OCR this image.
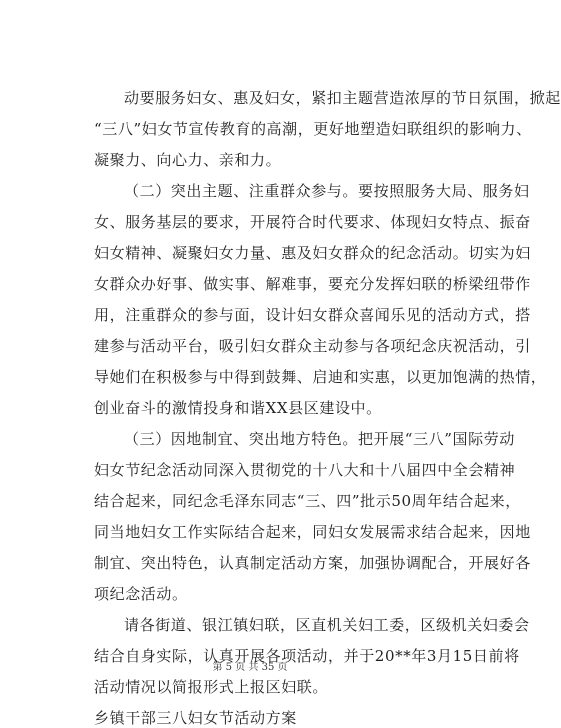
动要服务妇女、惠及妇女，紧扣主题营造浓厚的节日氛围，掀起
“三八”妇女节宣传教育的高潮，更好地塑造妇联组织的影响力、
凝聚力、向心力、亲和力。
（二）突出主题、注重群众参与。要按照服务大局、服务妇
女、服务基层的要求，开展符合时代要求、体现妇女特点、振奋
妇女精神、凝聚妇女力量、惠及妇女群众的纪念活动。切实为妇
女群众办好事、做实事、解难事，要充分发挥妇联的桥梁纽带作
用，注重群众的参与面，设计妇女群众喜闻乐见的活动方式，搭
建参与活动平台，吸引妇女群众主动参与各项纪念庆祝活动，引
导她们在积极参与中得到鼓舞、启迪和实惠，以更加饱满的热情，
创业奋斗的激情投身和谐XX县区建设中。
（三）因地制宜、突出地方特色。把开展“三八”国际劳动
妇女节纪念活动同深入贯彻党的十八大和十八届四中全会精神
结合起来，同纪念毛泽东同志“三、四”批示50周年结合起来，
同当地妇女工作实际结合起来，同妇女发展需求结合起来，因地
制宜、突出特色，认真制定活动方案，加强协调配合，开展好各
项纪念活动。
请各街道、银江镇妇联，区直机关妇工委，区级机关妇委会
结合自身实际，认真开展各项活动，并于20**年3月15日前将
活动情况以简报形式上报区妇联。
乡镇干部三八妇女节活动方案
第 5 页 共 35 页
